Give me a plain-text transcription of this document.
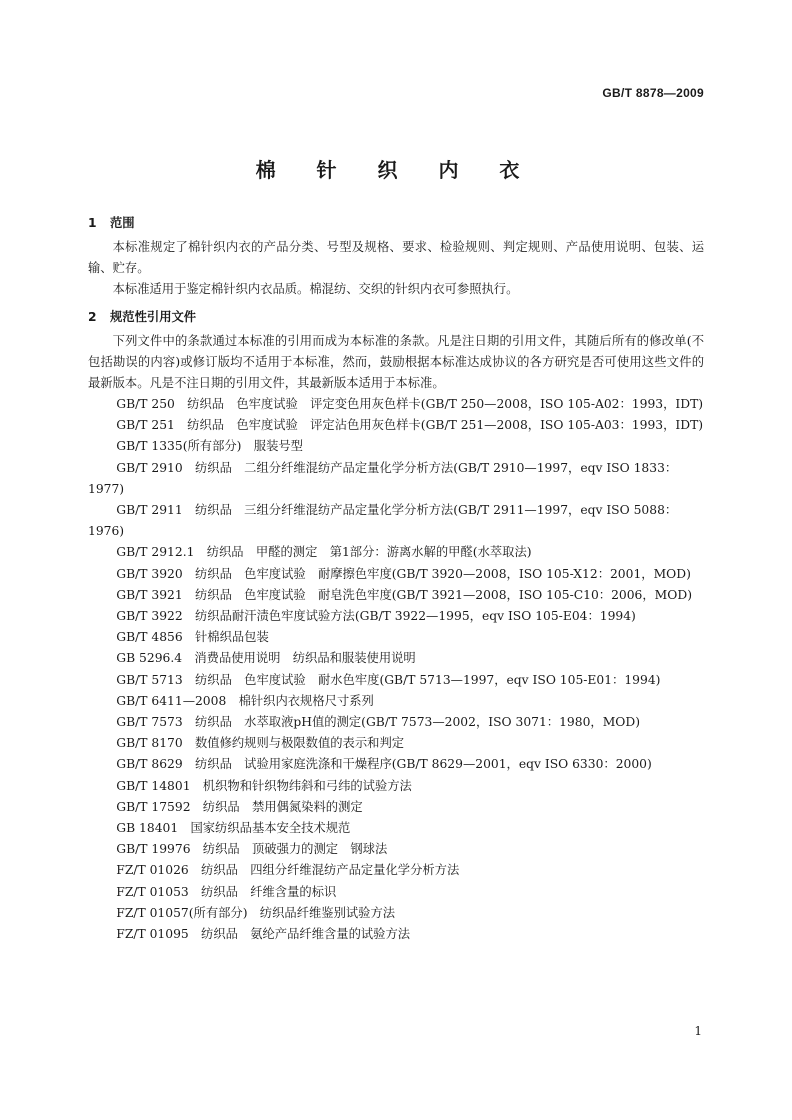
GB/T 8878—2009
棉 针 织 内 衣
1 范围

本标准规定了棉针织内衣的产品分类、号型及规格、要求、检验规则、判定规则、产品使用说明、包装、运输、贮存。

本标准适用于鉴定棉针织内衣品质。棉混纺、交织的针织内衣可参照执行。

2 规范性引用文件

下列文件中的条款通过本标准的引用而成为本标准的条款。凡是注日期的引用文件，其随后所有的修改单(不包括勘误的内容)或修订版均不适用于本标准，然而，鼓励根据本标准达成协议的各方研究是否可使用这些文件的最新版本。凡是不注日期的引用文件，其最新版本适用于本标准。

GB/T 250　纺织品　色牢度试验　评定变色用灰色样卡(GB/T 250—2008，ISO 105-A02：1993，IDT)

GB/T 251　纺织品　色牢度试验　评定沾色用灰色样卡(GB/T 251—2008，ISO 105-A03：1993，IDT)

GB/T 1335(所有部分)　服装号型

GB/T 2910　纺织品　二组分纤维混纺产品定量化学分析方法(GB/T 2910—1997，eqv ISO 1833：1977)

GB/T 2911　纺织品　三组分纤维混纺产品定量化学分析方法(GB/T 2911—1997，eqv ISO 5088：1976)

GB/T 2912.1　纺织品　甲醛的测定　第1部分：游离水解的甲醛(水萃取法)

GB/T 3920　纺织品　色牢度试验　耐摩擦色牢度(GB/T 3920—2008，ISO 105-X12：2001，MOD)

GB/T 3921　纺织品　色牢度试验　耐皂洗色牢度(GB/T 3921—2008，ISO 105-C10：2006，MOD)

GB/T 3922　纺织品耐汗渍色牢度试验方法(GB/T 3922—1995，eqv ISO 105-E04：1994)

GB/T 4856　针棉织品包装

GB 5296.4　消费品使用说明　纺织品和服装使用说明

GB/T 5713　纺织品　色牢度试验　耐水色牢度(GB/T 5713—1997，eqv ISO 105-E01：1994)

GB/T 6411—2008　棉针织内衣规格尺寸系列

GB/T 7573　纺织品　水萃取液pH值的测定(GB/T 7573—2002，ISO 3071：1980，MOD)

GB/T 8170　数值修约规则与极限数值的表示和判定

GB/T 8629　纺织品　试验用家庭洗涤和干燥程序(GB/T 8629—2001，eqv ISO 6330：2000)

GB/T 14801　机织物和针织物纬斜和弓纬的试验方法

GB/T 17592　纺织品　禁用偶氮染料的测定

GB 18401　国家纺织品基本安全技术规范

GB/T 19976　纺织品　顶破强力的测定　钢球法

FZ/T 01026　纺织品　四组分纤维混纺产品定量化学分析方法

FZ/T 01053　纺织品　纤维含量的标识

FZ/T 01057(所有部分)　纺织品纤维鉴别试验方法

FZ/T 01095　纺织品　氨纶产品纤维含量的试验方法

1
